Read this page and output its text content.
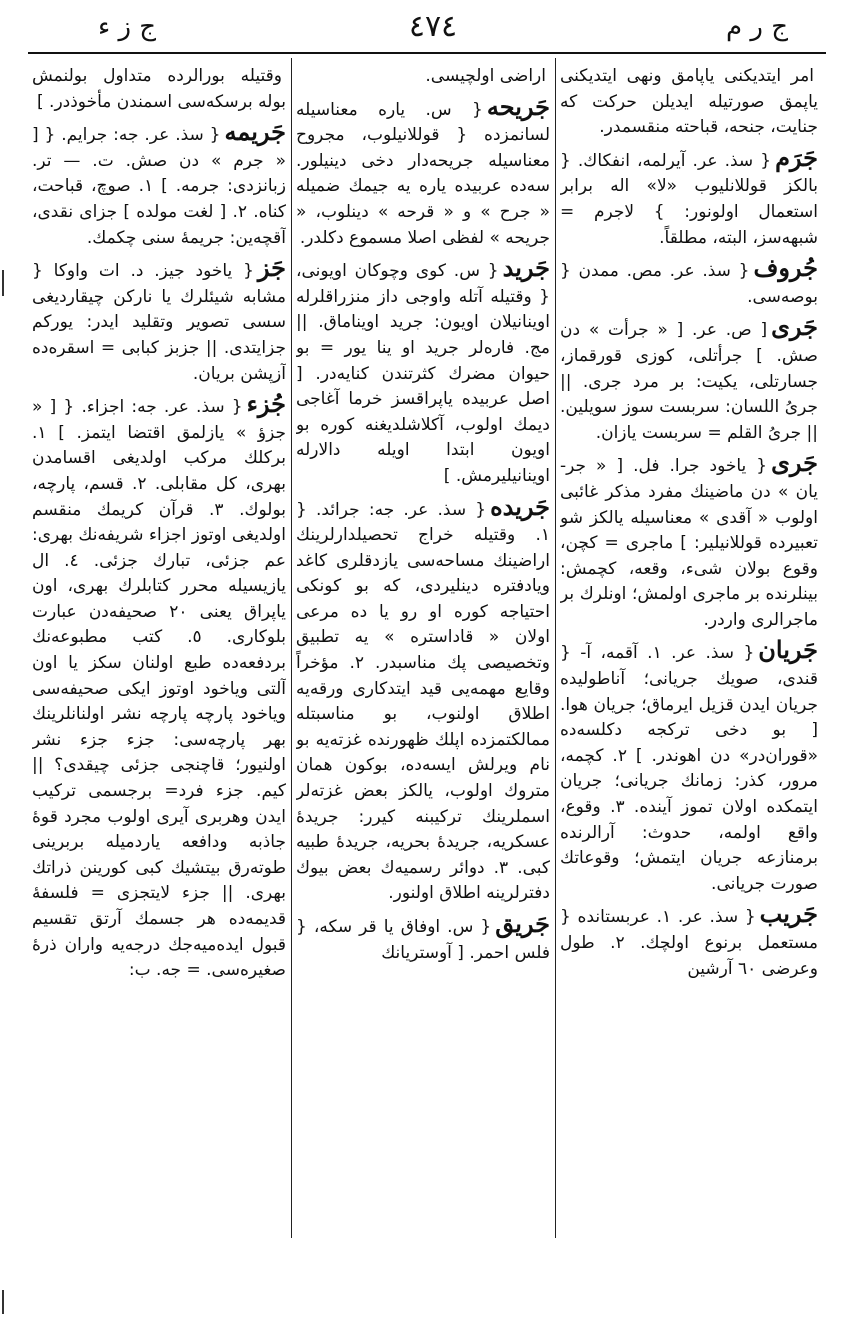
ج ز ء	٤٧٤	ج ر م

امر ایتدیكنی یاپامق ونهی ایتدیكنی یاپمق صورتیله ایدیلن حركت كه جنایت، جنحه، قباحته منقسمدر.

جَرَم{ سذ. عر. آیرلمه، انفكاك. { بالكز قوللانلیوب «لا» اله برابر استعمال اولونور: } لاجرم = شبهه‌سز، البته، مطلقاً.

جُروف{ سذ. عر. مص. ممدن { بوصه‌سی.

جَری[ ص. عر. [ « جرأت » دن صش. ] جرأتلی، كوزی قورقماز، جسارتلی، یكیت: بر مرد جری. || جریُ اللسان: سربست سوز سویلین. || جریُ القلم = سربست یازان.

جَری{ یاخود جرا. فل. [ « جر- یان » دن ماضینك مفرد مذكر غائبی اولوب « آقدی » معناسیله یالكز شو تعبیرده قوللانیلیر: ] ماجری = كچن، وقوع بولان شیء، وقعه، كچمش: بینلرنده بر ماجری اولمش؛ اونلرك بر ماجرالری واردر.

جَریان{ سذ. عر. ١. آقمه، آ- { قندی، صویك جریانی؛ آناطولیده جریان ایدن قزیل ایرماق؛ جریان هوا. [ بو دخی تركجه دكلسه‌ده «قوران‌در» دن اهوندر. ] ٢. كچمه، مرور، كذر: زمانك جریانی؛ جریان ایتمكده اولان تموز آینده. ٣. وقوع، واقع اولمه، حدوث: آرالرنده برمنازعه جریان ایتمش؛ وقوعاتك صورت جریانی.

جَریب{ سذ. عر. ١. عربستانده { مستعمل برنوع اولچك. ٢. طول وعرضی ٦٠ آرشین

اراضی اولچیسی.

جَریحه{ س. یاره معناسیله لسانمزده { قوللانیلوب، مجروح معناسیله جریحه‌دار دخی دینیلور. سه‌ده عربیده یاره یه جیمك ضمیله « جرح » و « قرحه » دینلوب، « جریحه » لفظی اصلا مسموع دكلدر.

جَرید{ س. كوی وچوكان اویونی، { وقتیله آتله واوجی داز منزراقلرله اوینانیلان اویون: جرید اویناماق. || مج. فاره‌لر جرید او ینا یور = بو حیوان مضرك كثرتندن كنایه‌در. [ اصل عربیده یاپراقسز خرما آغاجی دیمك اولوب، آكلاشلدیغنه كوره بو اویون ابتدا اویله دالارله اوینانیلیرمش. ]

جَریده{ سذ. عر. جه: جرائد. { ١. وقتیله خراج تحصیلدارلرینك اراضینك مساحه‌سی یازدقلری كاغد ویادفتره دینلیردی، كه بو كونكی احتیاجه كوره او رو یا ده مرعی اولان « قاداستره » یه تطبیق وتخصیصی پك مناسبدر. ٢. مؤخراً وقایع مهمه‌یی قید ایتدكاری ورقه‌یه اطلاق اولنوب، بو مناسبتله ممالكتمزده اپلك ظهورنده غزته‌یه بو نام ویرلش ایسه‌ده، بوكون همان متروك اولوب، یالكز بعض غزته‌لر اسملرینك تركیبنه كیرر: جریدهٔ عسكریه، جریدهٔ بحریه، جریدهٔ طبیه كبی. ٣. دوائر رسمیه‌ك بعض بیوك دفترلرینه اطلاق اولنور.

جَریق{ س. اوفاق یا قر سكه، { فلس احمر. [ آوستریانك

وقتیله بورالرده متداول بولنمش بوله برسكه‌سی اسمندن مأخوذدر. ]

جَریمه{ سذ. عر. جه: جرایم. { [ « جرم » دن صش. ت. — تر. زبانزدی: جرمه. ] ١. صوچ، قباحت، كناه. ٢. [ لغت مولده ] جزای نقدی، آقچه‌ین: جریمهٔ سنی چكمك.

جَز{ یاخود جیز. د. ات واوكا { مشابه شیئلرك یا نارکن چیقاردیغی سسی تصویر وتقلید ایدر: یورکم جزایتدی. || جزبز كبابی = اسقره‌ده آزپشن بریان.

جُزء{ سذ. عر. جه: اجزاء. { [ « جزؤ » یازلمق اقتضا ایتمز. ] ١. بركلك مركب اولدیغی اقسامدن بهری، كل مقابلی. ٢. قسم، پارچه، بولوك. ٣. قرآن كریمك منقسم اولدیغی اوتوز اجزاء شریفه‌نك بهری: عم جزئی، تبارك جزئی. ٤. ال یازیسیله محرر كتابلرك بهری، اون یاپراق یعنی ٢٠ صحیفه‌دن عبارت بلوكاری. ٥. كتب مطبوعه‌نك بردفعه‌ده طبع اولنان سكز یا اون آلتی ویاخود اوتوز ایكی صحیفه‌سی ویاخود پارچه پارچه نشر اولنانلرینك بهر پارچه‌سی: جزء جزء نشر اولنیور؛ قاچنجی جزئی چیقدی؟ || كیم. جزء فرد= برجسمی تركیب ایدن وهربری آیری اولوب مجرد قوهٔ جاذبه ودافعه یاردمیله بربرینی طوته‌رق بیتشیك كبی كورینن ذراتك بهری. || جزء لایتجزی = فلسفهٔ قدیمه‌ده هر جسمك آرتق تقسیم قبول ایده‌میه‌جك درجه‌یه واران ذرهٔ صغیره‌سی. = جه. ب:
